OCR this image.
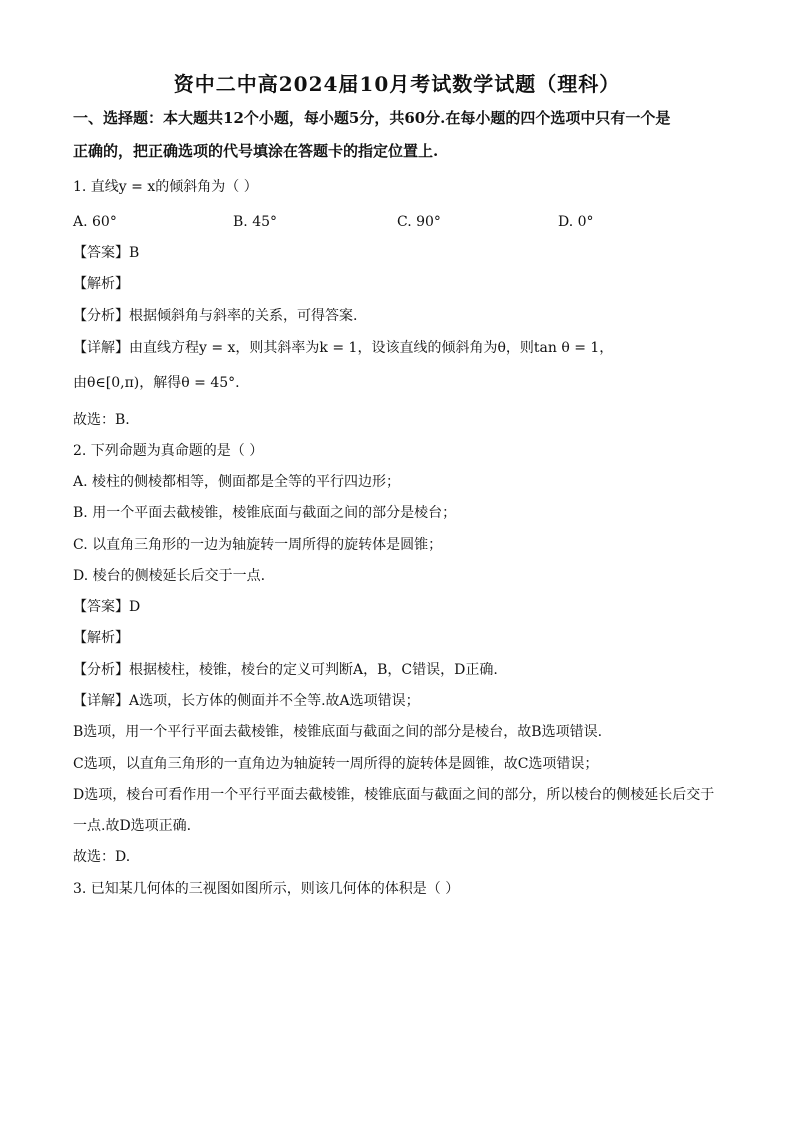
资中二中高2024届10月考试数学试题（理科）
一、选择题：本大题共12个小题，每小题5分，共60分.在每小题的四个选项中只有一个是
正确的，把正确选项的代号填涂在答题卡的指定位置上.
1. 直线y = x的倾斜角为（ ）
A. 60°	B. 45°	C. 90°	D. 0°
【答案】B
【解析】
【分析】根据倾斜角与斜率的关系，可得答案.
【详解】由直线方程y = x，则其斜率为k = 1，设该直线的倾斜角为θ，则tan θ = 1，
由θ∈[0,π)，解得θ = 45°.
故选：B.
2. 下列命题为真命题的是（ ）
A. 棱柱的侧棱都相等，侧面都是全等的平行四边形；
B. 用一个平面去截棱锥，棱锥底面与截面之间的部分是棱台；
C. 以直角三角形的一边为轴旋转一周所得的旋转体是圆锥；
D. 棱台的侧棱延长后交于一点.
【答案】D
【解析】
【分析】根据棱柱，棱锥，棱台的定义可判断A，B，C错误，D正确.
【详解】A选项，长方体的侧面并不全等.故A选项错误；
B选项，用一个平行平面去截棱锥，棱锥底面与截面之间的部分是棱台，故B选项错误.
C选项，以直角三角形的一直角边为轴旋转一周所得的旋转体是圆锥，故C选项错误；
D选项，棱台可看作用一个平行平面去截棱锥，棱锥底面与截面之间的部分，所以棱台的侧棱延长后交于
一点.故D选项正确.
故选：D.
3. 已知某几何体的三视图如图所示，则该几何体的体积是（ ）
